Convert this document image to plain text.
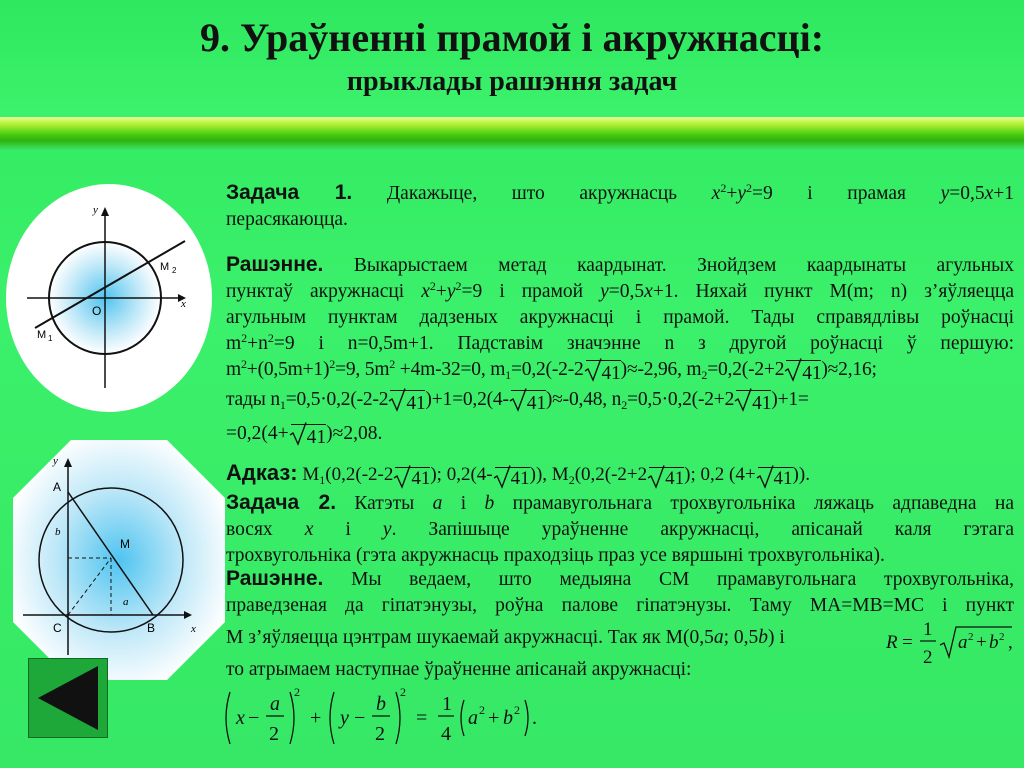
9. Ураўненні прамой і акружнасці:
прыклады рашэння задач
y
x
O
M 2
M 1
y
x
A
B
C
M
a
b
Задача 1. Дакажыце, што акружнасць $x^2+y^2=9$ і прамая y=0,5x+1
перасякаюцца.
Рашэнне. Выкарыстаем метад каардынат. Знойдзем каардынаты агульных
пунктаў акружнасці $x^2+y^2=9$ і прамой y=0,5x+1. Няхай пункт M(m; n) з’яўляецца
агульным пунктам дадзеных акружнасці і прамой. Тады справядлівы роўнасці
$m^2+n^2=9$ і n=0,5m+1. Падставім значэнне n з другой роўнасці ў першую:
$m^2+(0,5m+1)^2=9$, $5m^2 +4m-32=0$, $m_1=0,2(-2-2$ 41)≈-2,96, $m_2=0,2(-2+2$ 41)≈2,16;
тады $n_1=0,5\cdot 0,2(-2-2$ 41)+1=0,2(4- 41)≈-0,48, $n_2=0,5\cdot 0,2(-2+2$ 41)+1=
=0,2(4+ 41)≈2,08.
Адказ: $M_1(0,2(-2-2$ 41); 0,2(4- 41)), $M_2(0,2(-2+2$ 41); 0,2 (4+ 41)).
Задача 2. Катэты a і b прамавугольнага трохвугольніка ляжаць адпаведна на
восях x і y. Запішыце ураўненне акружнасці, апісанай каля гэтага
трохвугольніка (гэта акружнасць праходзіць праз усе вяршыні трохвугольніка).
Рашэнне. Мы ведаем, што медыяна CM прамавугольнага трохвугольніка,
праведзеная да гіпатэнузы, роўна палове гіпатэнузы. Таму MA=MB=MC і пункт
M з’яўляецца цэнтрам шукаемай акружнасці. Так як M(0,5a; 0,5b) і
то атрымаем наступнае ўраўненне апісанай акружнасці:
R =
1
2
a 2 + b 2 ,
x −
a
2
2
+ y −
b
2
2
=
1
4
a 2 + b 2 .
